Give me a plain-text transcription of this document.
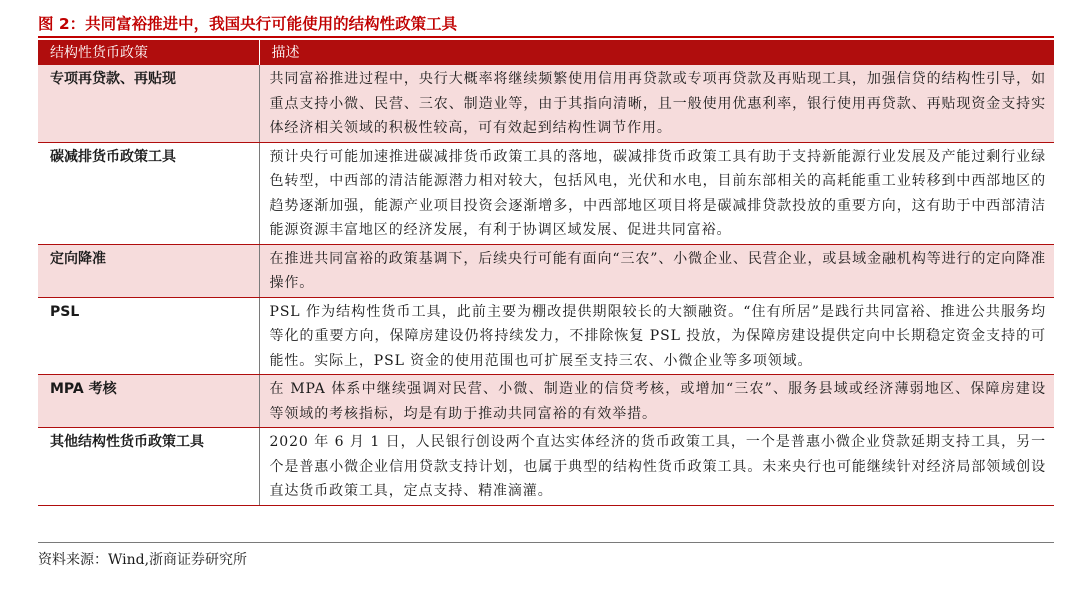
图 2：共同富裕推进中，我国央行可能使用的结构性政策工具
结构性货币政策	描述
专项再贷款、再贴现	共同富裕推进过程中，央行大概率将继续频繁使用信用再贷款或专项再贷款及再贴现工具，加强信贷的结构性引导，如重点支持小微、民营、三农、制造业等，由于其指向清晰，且一般使用优惠利率，银行使用再贷款、再贴现资金支持实体经济相关领域的积极性较高，可有效起到结构性调节作用。
碳减排货币政策工具	预计央行可能加速推进碳减排货币政策工具的落地，碳减排货币政策工具有助于支持新能源行业发展及产能过剩行业绿色转型，中西部的清洁能源潜力相对较大，包括风电，光伏和水电，目前东部相关的高耗能重工业转移到中西部地区的趋势逐渐加强，能源产业项目投资会逐渐增多，中西部地区项目将是碳减排贷款投放的重要方向，这有助于中西部清洁能源资源丰富地区的经济发展，有利于协调区域发展、促进共同富裕。
定向降准	在推进共同富裕的政策基调下，后续央行可能有面向“三农”、小微企业、民营企业，或县域金融机构等进行的定向降准操作。
PSL	PSL 作为结构性货币工具，此前主要为棚改提供期限较长的大额融资。“住有所居”是践行共同富裕、推进公共服务均等化的重要方向，保障房建设仍将持续发力，不排除恢复 PSL 投放，为保障房建设提供定向中长期稳定资金支持的可能性。实际上，PSL 资金的使用范围也可扩展至支持三农、小微企业等多项领域。
MPA 考核	在 MPA 体系中继续强调对民营、小微、制造业的信贷考核，或增加“三农”、服务县域或经济薄弱地区、保障房建设等领域的考核指标，均是有助于推动共同富裕的有效举措。
其他结构性货币政策工具	2020 年 6 月 1 日，人民银行创设两个直达实体经济的货币政策工具，一个是普惠小微企业贷款延期支持工具，另一个是普惠小微企业信用贷款支持计划，也属于典型的结构性货币政策工具。未来央行也可能继续针对经济局部领域创设直达货币政策工具，定点支持、精准滴灌。
资料来源：Wind,浙商证券研究所
